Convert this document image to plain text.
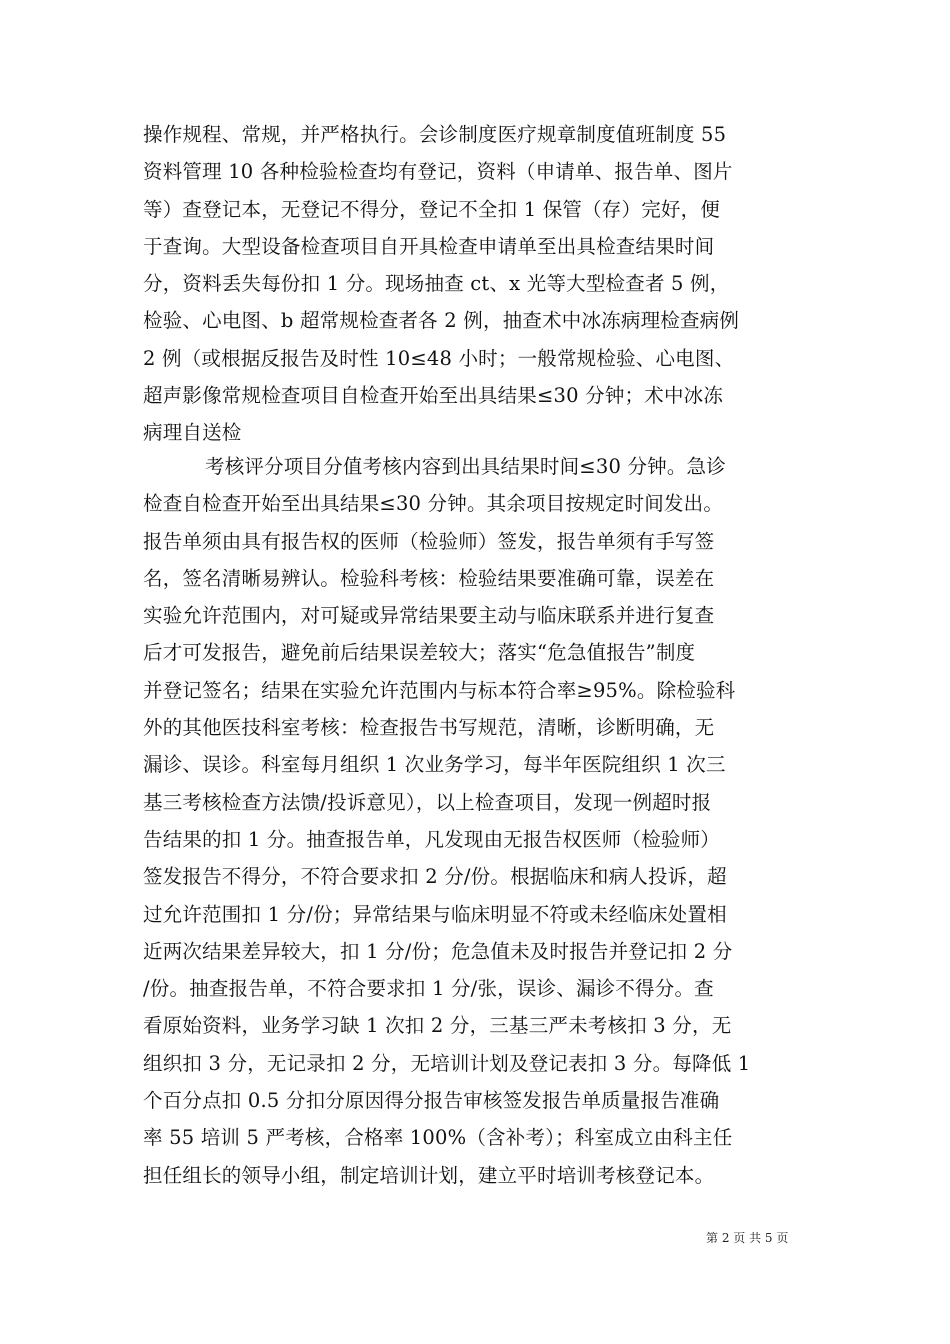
操作规程、常规，并严格执行。会诊制度医疗规章制度值班制度 55
资料管理 10 各种检验检查均有登记，资料（申请单、报告单、图片
等）查登记本，无登记不得分，登记不全扣 1 保管（存）完好，便
于查询。大型设备检查项目自开具检查申请单至出具检查结果时间
分，资料丢失每份扣 1 分。现场抽查 ct、x 光等大型检查者 5 例，
检验、心电图、b 超常规检查者各 2 例，抽查术中冰冻病理检查病例
2 例（或根据反报告及时性 10≤48 小时；一般常规检验、心电图、
超声影像常规检查项目自检查开始至出具结果≤30 分钟；术中冰冻
病理自送检
考核评分项目分值考核内容到出具结果时间≤30 分钟。急诊
检查自检查开始至出具结果≤30 分钟。其余项目按规定时间发出。
报告单须由具有报告权的医师（检验师）签发，报告单须有手写签
名，签名清晰易辨认。检验科考核：检验结果要准确可靠，误差在
实验允许范围内，对可疑或异常结果要主动与临床联系并进行复查
后才可发报告，避免前后结果误差较大；落实“危急值报告”制度
并登记签名；结果在实验允许范围内与标本符合率≥95%。除检验科
外的其他医技科室考核：检查报告书写规范，清晰，诊断明确，无
漏诊、误诊。科室每月组织 1 次业务学习，每半年医院组织 1 次三
基三考核检查方法馈/投诉意见），以上检查项目，发现一例超时报
告结果的扣 1 分。抽查报告单，凡发现由无报告权医师（检验师）
签发报告不得分，不符合要求扣 2 分/份。根据临床和病人投诉，超
过允许范围扣 1 分/份；异常结果与临床明显不符或未经临床处置相
近两次结果差异较大，扣 1 分/份；危急值未及时报告并登记扣 2 分
/份。抽查报告单，不符合要求扣 1 分/张，误诊、漏诊不得分。查
看原始资料，业务学习缺 1 次扣 2 分，三基三严未考核扣 3 分，无
组织扣 3 分，无记录扣 2 分，无培训计划及登记表扣 3 分。每降低 1
个百分点扣 0.5 分扣分原因得分报告审核签发报告单质量报告准确
率 55 培训 5 严考核，合格率 100%（含补考）；科室成立由科主任
担任组长的领导小组，制定培训计划，建立平时培训考核登记本。
第 2 页 共 5 页
